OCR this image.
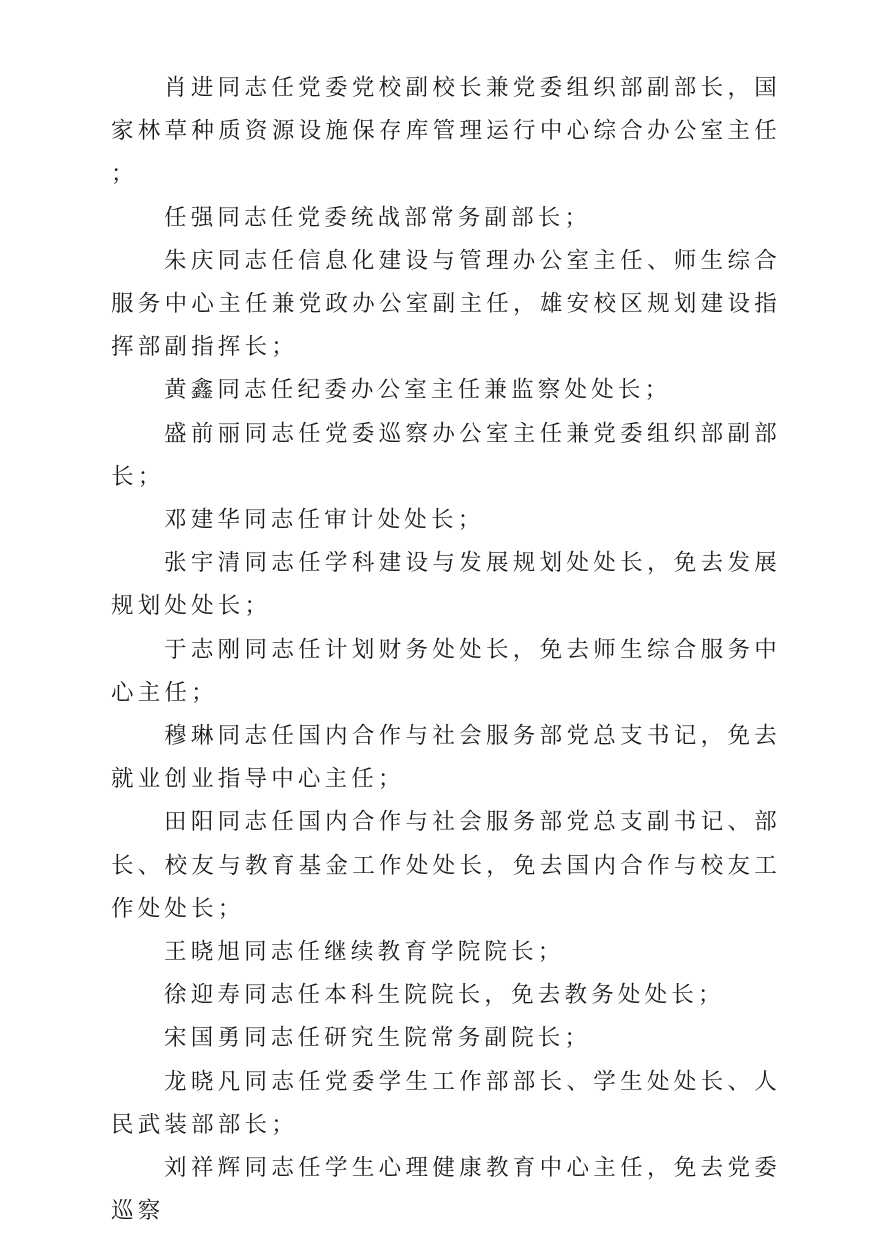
肖进同志任党委党校副校长兼党委组织部副部长，国家林草种质资源设施保存库管理运行中心综合办公室主任；

任强同志任党委统战部常务副部长；

朱庆同志任信息化建设与管理办公室主任、师生综合服务中心主任兼党政办公室副主任，雄安校区规划建设指挥部副指挥长；

黄鑫同志任纪委办公室主任兼监察处处长；

盛前丽同志任党委巡察办公室主任兼党委组织部副部长；

邓建华同志任审计处处长；

张宇清同志任学科建设与发展规划处处长，免去发展规划处处长；

于志刚同志任计划财务处处长，免去师生综合服务中心主任；

穆琳同志任国内合作与社会服务部党总支书记，免去就业创业指导中心主任；

田阳同志任国内合作与社会服务部党总支副书记、部长、校友与教育基金工作处处长，免去国内合作与校友工作处处长；

王晓旭同志任继续教育学院院长；

徐迎寿同志任本科生院院长，免去教务处处长；

宋国勇同志任研究生院常务副院长；

龙晓凡同志任党委学生工作部部长、学生处处长、人民武装部部长；

刘祥辉同志任学生心理健康教育中心主任，免去党委巡察
